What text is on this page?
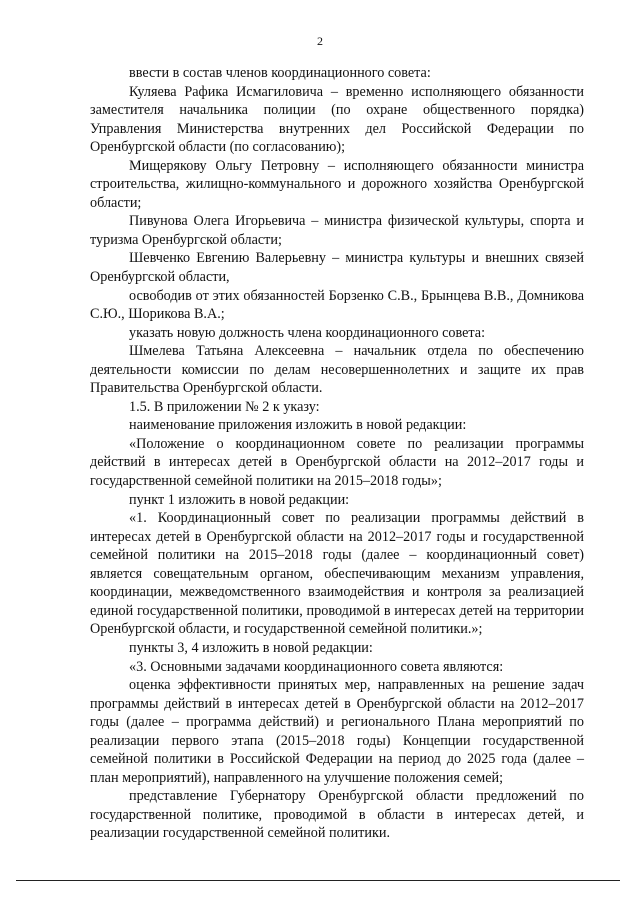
2

ввести в состав членов координационного совета:

Куляева Рафика Исмагиловича – временно исполняющего обязанности заместителя начальника полиции (по охране общественного порядка) Управления Министерства внутренних дел Российской Федерации по Оренбургской области (по согласованию);

Мищерякову Ольгу Петровну – исполняющего обязанности министра строительства, жилищно-коммунального и дорожного хозяйства Оренбургской области;

Пивунова Олега Игорьевича – министра физической культуры, спорта и туризма Оренбургской области;

Шевченко Евгению Валерьевну – министра культуры и внешних связей Оренбургской области,

освободив от этих обязанностей Борзенко С.В., Брынцева В.В., Домникова С.Ю., Шорикова В.А.;

указать новую должность члена координационного совета:

Шмелева Татьяна Алексеевна – начальник отдела по обеспечению деятельности комиссии по делам несовершеннолетних и защите их прав Правительства Оренбургской области.

1.5. В приложении № 2 к указу:

наименование приложения изложить в новой редакции:

«Положение о координационном совете по реализации программы действий в интересах детей в Оренбургской области на 2012–2017 годы и государственной семейной политики на 2015–2018 годы»;

пункт 1 изложить в новой редакции:

«1. Координационный совет по реализации программы действий в интересах детей в Оренбургской области на 2012–2017 годы и государственной семейной политики на 2015–2018 годы (далее – координационный совет) является совещательным органом, обеспечивающим механизм управления, координации, межведомственного взаимодействия и контроля за реализацией единой государственной политики, проводимой в интересах детей на территории Оренбургской области, и государственной семейной политики.»;

пункты 3, 4 изложить в новой редакции:

«3. Основными задачами координационного совета являются:

оценка эффективности принятых мер, направленных на решение задач программы действий в интересах детей в Оренбургской области на 2012–2017 годы (далее – программа действий) и регионального Плана мероприятий по реализации первого этапа (2015–2018 годы) Концепции государственной семейной политики в Российской Федерации на период до 2025 года (далее – план мероприятий), направленного на улучшение положения семей;

представление Губернатору Оренбургской области предложений по государственной политике, проводимой в области в интересах детей, и реализации государственной семейной политики.
